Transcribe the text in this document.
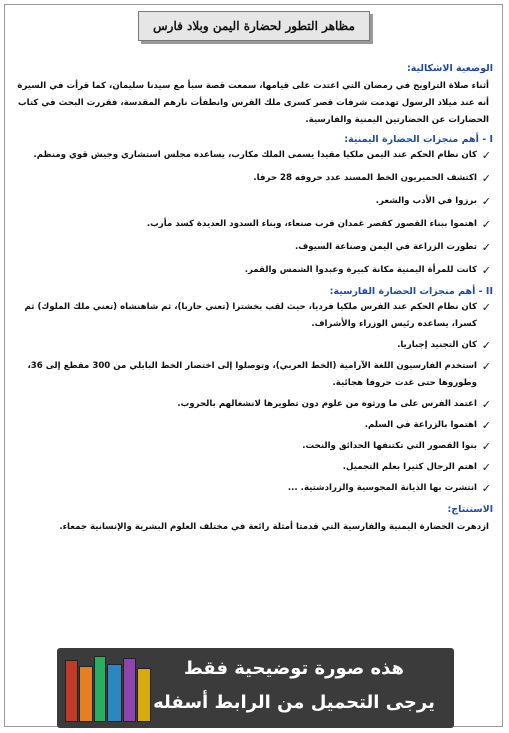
مظاهر التطور لحضارة اليمن وبلاد فارس

الوضعية الاشكالية:

أثناء صلاة التراويح في رمضان التي اعتدت على قيامها، سمعت قصة سبأ مع سيدنا سليمان، كما قرأت في السيرة أنه عند ميلاد الرسول تهدمت شرفات قصر كسرى ملك الفرس وانطفأت نارهم المقدسة، فقررت البحث في كتاب الحضارات عن الحضارتين اليمنية والفارسية.

I - أهم منجزات الحضارة اليمنية:

✓
كان نظام الحكم عند اليمن ملكيا مقيدا يسمى الملك مكارب، يساعده مجلس استشاري وجيش قوي ومنظم.
✓
اكتشف الحميريون الخط المسند عدد حروفه 28 حرفا.
✓
برزوا في الأدب والشعر.
✓
اهتموا ببناء القصور كقصر غمدان قرب صنعاء، وبناء السدود العديدة كسد مأرب.
✓
تطورت الزراعة في اليمن وصناعة السيوف.
✓
كانت للمرأة اليمنية مكانة كبيرة وعبدوا الشمس والقمر.

II - أهم منجزات الحضارة الفارسية:

✓
كان نظام الحكم عند الفرس ملكيا فرديا، حيث لقب بخشترا (تعني حاربا)، ثم شاهنشاه (تعني ملك الملوك) ثم كسرا، يساعده رئيس الوزراء والأشراف.
✓
كان التجنيد إجباريا.
✓
استخدم الفارسيون اللغة الآرامية (الخط العربي)، وتوصلوا إلى اختصار الخط البابلي من 300 مقطع إلى 36، وطوروها حتى غدت حروفا هجائية.
✓
اعتمد الفرس على ما ورثوه من علوم دون تطويرها لانشغالهم بالحروب.
✓
اهتموا بالزراعة في السلم.
✓
بنوا القصور التي تكتنفها الحدائق والنحت.
✓
اهتم الرجال كثيرا بعلم التجميل.
✓
انتشرت بها الديانة المجوسية والزرادشتية. ...

الاستنتاج:

ازدهرت الحضارة اليمنية والفارسية التي قدمتا أمثلة رائعة في مختلف العلوم البشرية والإنسانية جمعاء.

هذه صورة توضيحية فقط
يرجى التحميل من الرابط أسفله
